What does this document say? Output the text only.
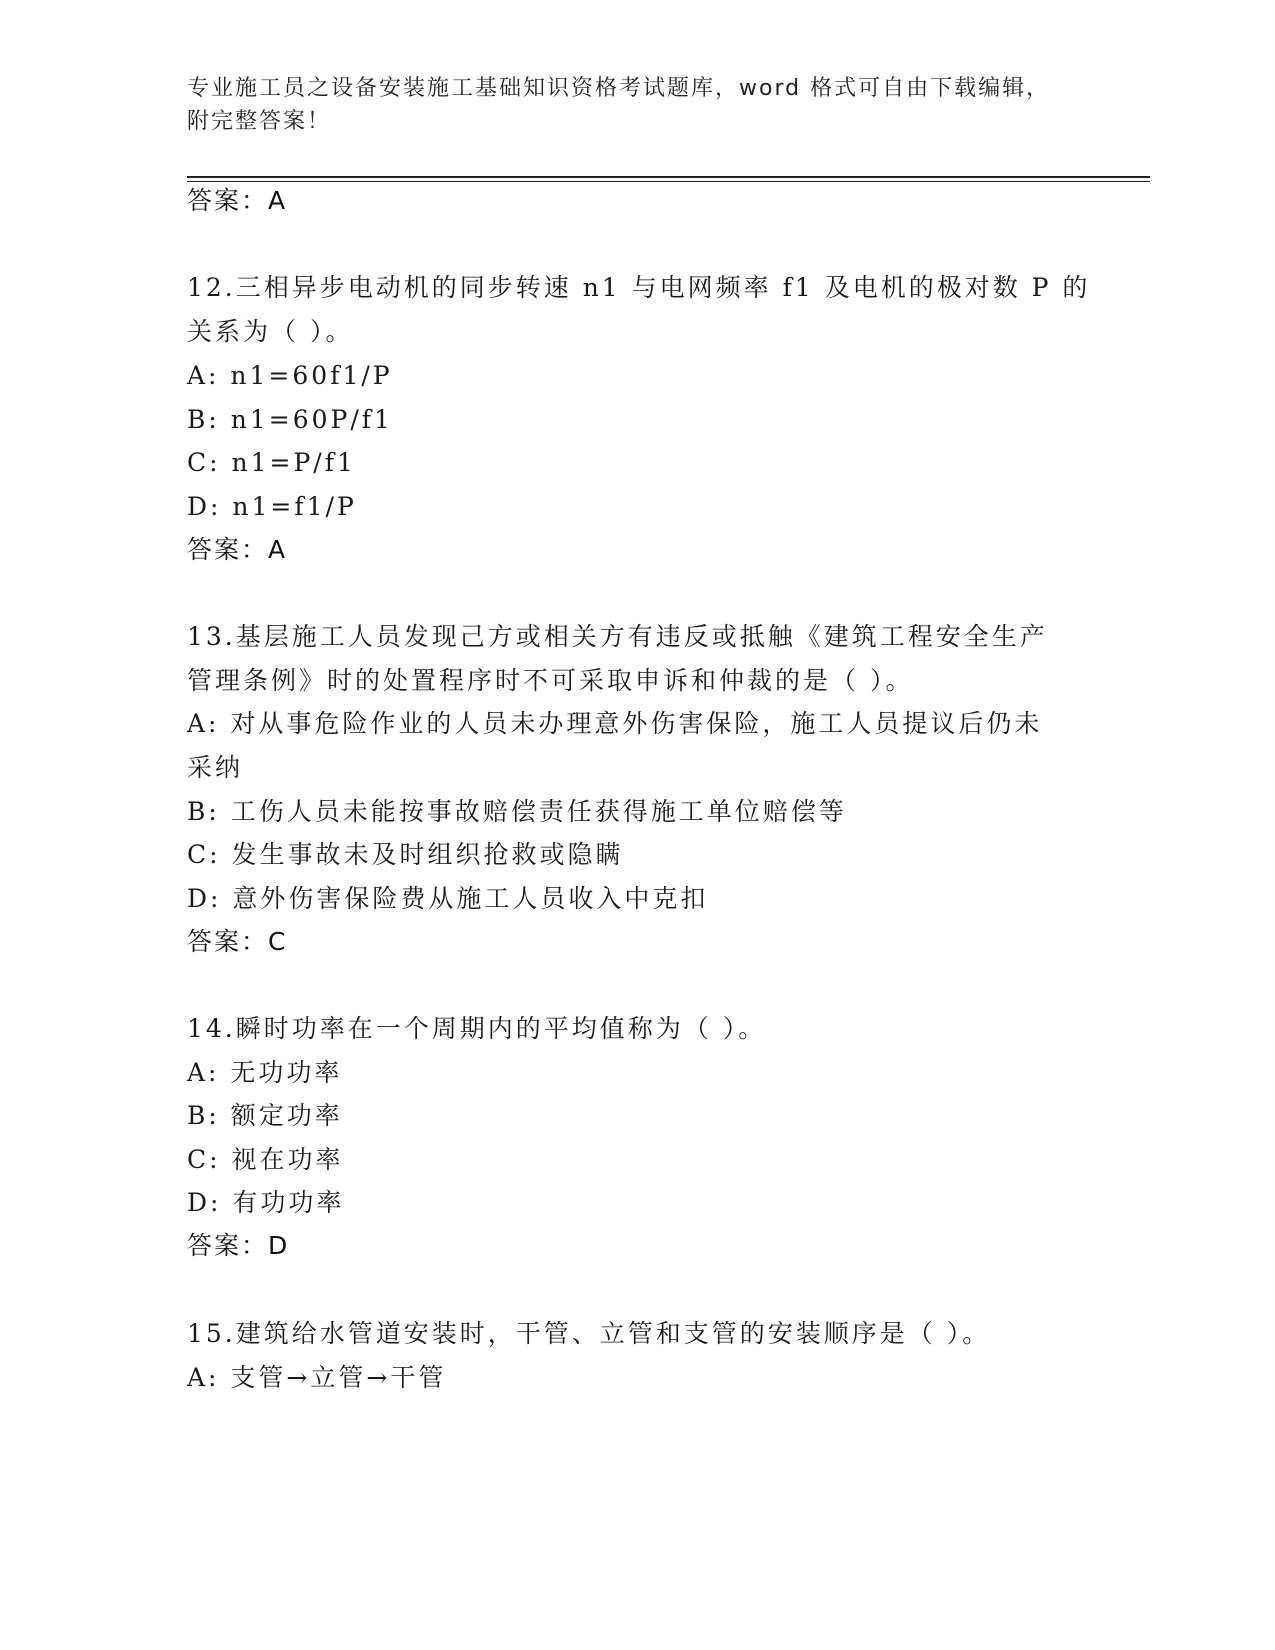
专业施工员之设备安装施工基础知识资格考试题库，word 格式可自由下载编辑，
附完整答案！
答案：A
12.三相异步电动机的同步转速 n1 与电网频率 f1 及电机的极对数 P 的
关系为（ ）。
A: n1=60f1/P
B: n1=60P/f1
C: n1=P/f1
D: n1=f1/P
答案：A
13.基层施工人员发现己方或相关方有违反或抵触《建筑工程安全生产
管理条例》时的处置程序时不可采取申诉和仲裁的是（ ）。
A: 对从事危险作业的人员未办理意外伤害保险，施工人员提议后仍未
采纳
B: 工伤人员未能按事故赔偿责任获得施工单位赔偿等
C: 发生事故未及时组织抢救或隐瞒
D: 意外伤害保险费从施工人员收入中克扣
答案：C
14.瞬时功率在一个周期内的平均值称为（ ）。
A: 无功功率
B: 额定功率
C: 视在功率
D: 有功功率
答案：D
15.建筑给水管道安装时，干管、立管和支管的安装顺序是（ ）。
A: 支管→立管→干管
